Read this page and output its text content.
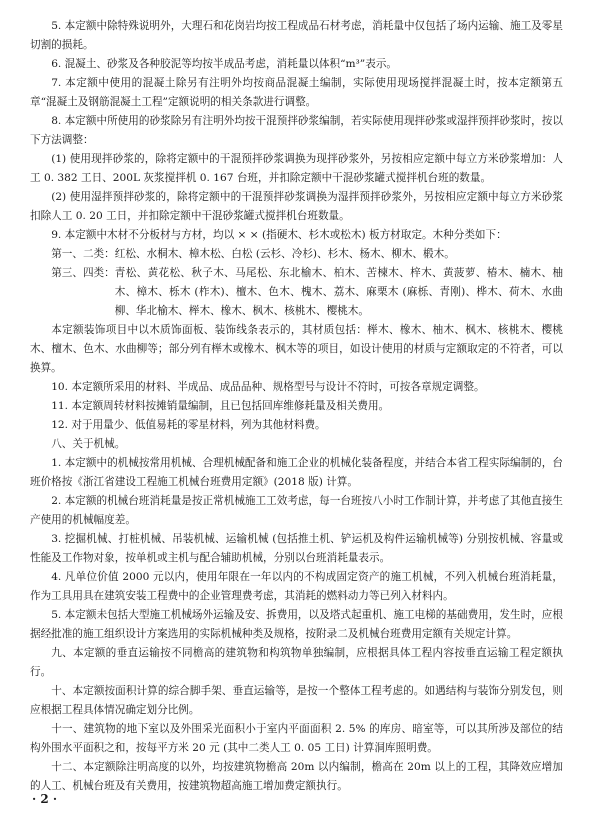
5. 本定额中除特殊说明外，大理石和花岗岩均按工程成品石材考虑，消耗量中仅包括了场内运输、施工及零星切割的损耗。

6. 混凝土、砂浆及各种胶泥等均按半成品考虑，消耗量以体积“m³”表示。

7. 本定额中使用的混凝土除另有注明外均按商品混凝土编制，实际使用现场搅拌混凝土时，按本定额第五章“混凝土及钢筋混凝土工程”定额说明的相关条款进行调整。

8. 本定额中所使用的砂浆除另有注明外均按干混预拌砂浆编制，若实际使用现拌砂浆或湿拌预拌砂浆时，按以下方法调整：

(1) 使用现拌砂浆的，除将定额中的干混预拌砂浆调换为现拌砂浆外，另按相应定额中每立方米砂浆增加：人工 0. 382 工日、200L 灰浆搅拌机 0. 167 台班，并扣除定额中干混砂浆罐式搅拌机台班的数量。

(2) 使用湿拌预拌砂浆的，除将定额中的干混预拌砂浆调换为湿拌预拌砂浆外，另按相应定额中每立方米砂浆扣除人工 0. 20 工日，并扣除定额中干混砂浆罐式搅拌机台班数量。

9. 本定额中木材不分板材与方材，均以 × × (指硬木、杉木或松木) 板方材取定。木种分类如下：

第一、二类： 红松、水桐木、樟木松、白松 (云杉、冷杉)、杉木、杨木、柳木、椴木。
第三、四类： 青松、黄花松、秋子木、马尾松、东北榆木、柏木、苦楝木、梓木、黄菠萝、椿木、楠木、柚木、樟木、栎木 (柞木)、檀木、色木、槐木、荔木、麻栗木 (麻栎、青刚)、桦木、荷木、水曲柳、华北榆木、榉木、橡木、枫木、核桃木、樱桃木。

本定额装饰项目中以木质饰面板、装饰线条表示的，其材质包括：榉木、橡木、柚木、枫木、核桃木、樱桃木、檀木、色木、水曲柳等；部分列有榉木或橡木、枫木等的项目，如设计使用的材质与定额取定的不符者，可以换算。

10. 本定额所采用的材料、半成品、成品品种、规格型号与设计不符时，可按各章规定调整。

11. 本定额周转材料按摊销量编制，且已包括回库维修耗量及相关费用。

12. 对于用量少、低值易耗的零星材料，列为其他材料费。

八、关于机械。

1. 本定额中的机械按常用机械、合理机械配备和施工企业的机械化装备程度，并结合本省工程实际编制的，台班价格按《浙江省建设工程施工机械台班费用定额》(2018 版) 计算。

2. 本定额的机械台班消耗量是按正常机械施工工效考虑，每一台班按八小时工作制计算，并考虑了其他直接生产使用的机械幅度差。

3. 挖掘机械、打桩机械、吊装机械、运输机械 (包括推土机、铲运机及构件运输机械等) 分别按机械、容量或性能及工作物对象，按单机或主机与配合辅助机械，分别以台班消耗量表示。

4. 凡单位价值 2000 元以内，使用年限在一年以内的不构成固定资产的施工机械，不列入机械台班消耗量，作为工具用具在建筑安装工程费中的企业管理费考虑，其消耗的燃料动力等已列入材料内。

5. 本定额未包括大型施工机械场外运输及安、拆费用，以及塔式起重机、施工电梯的基础费用，发生时，应根据经批准的施工组织设计方案选用的实际机械种类及规格，按附录二及机械台班费用定额有关规定计算。

九、本定额的垂直运输按不同檐高的建筑物和构筑物单独编制，应根据具体工程内容按垂直运输工程定额执行。

十、本定额按面积计算的综合脚手架、垂直运输等，是按一个整体工程考虑的。如遇结构与装饰分别发包，则应根据工程具体情况确定划分比例。

十一、建筑物的地下室以及外围采光面积小于室内平面面积 2. 5% 的库房、暗室等，可以其所涉及部位的结构外围水平面积之和，按每平方米 20 元 (其中二类人工 0. 05 工日) 计算洞库照明费。

十二、本定额除注明高度的以外，均按建筑物檐高 20m 以内编制，檐高在 20m 以上的工程，其降效应增加的人工、机械台班及有关费用，按建筑物超高施工增加费定额执行。

· 2 ·
